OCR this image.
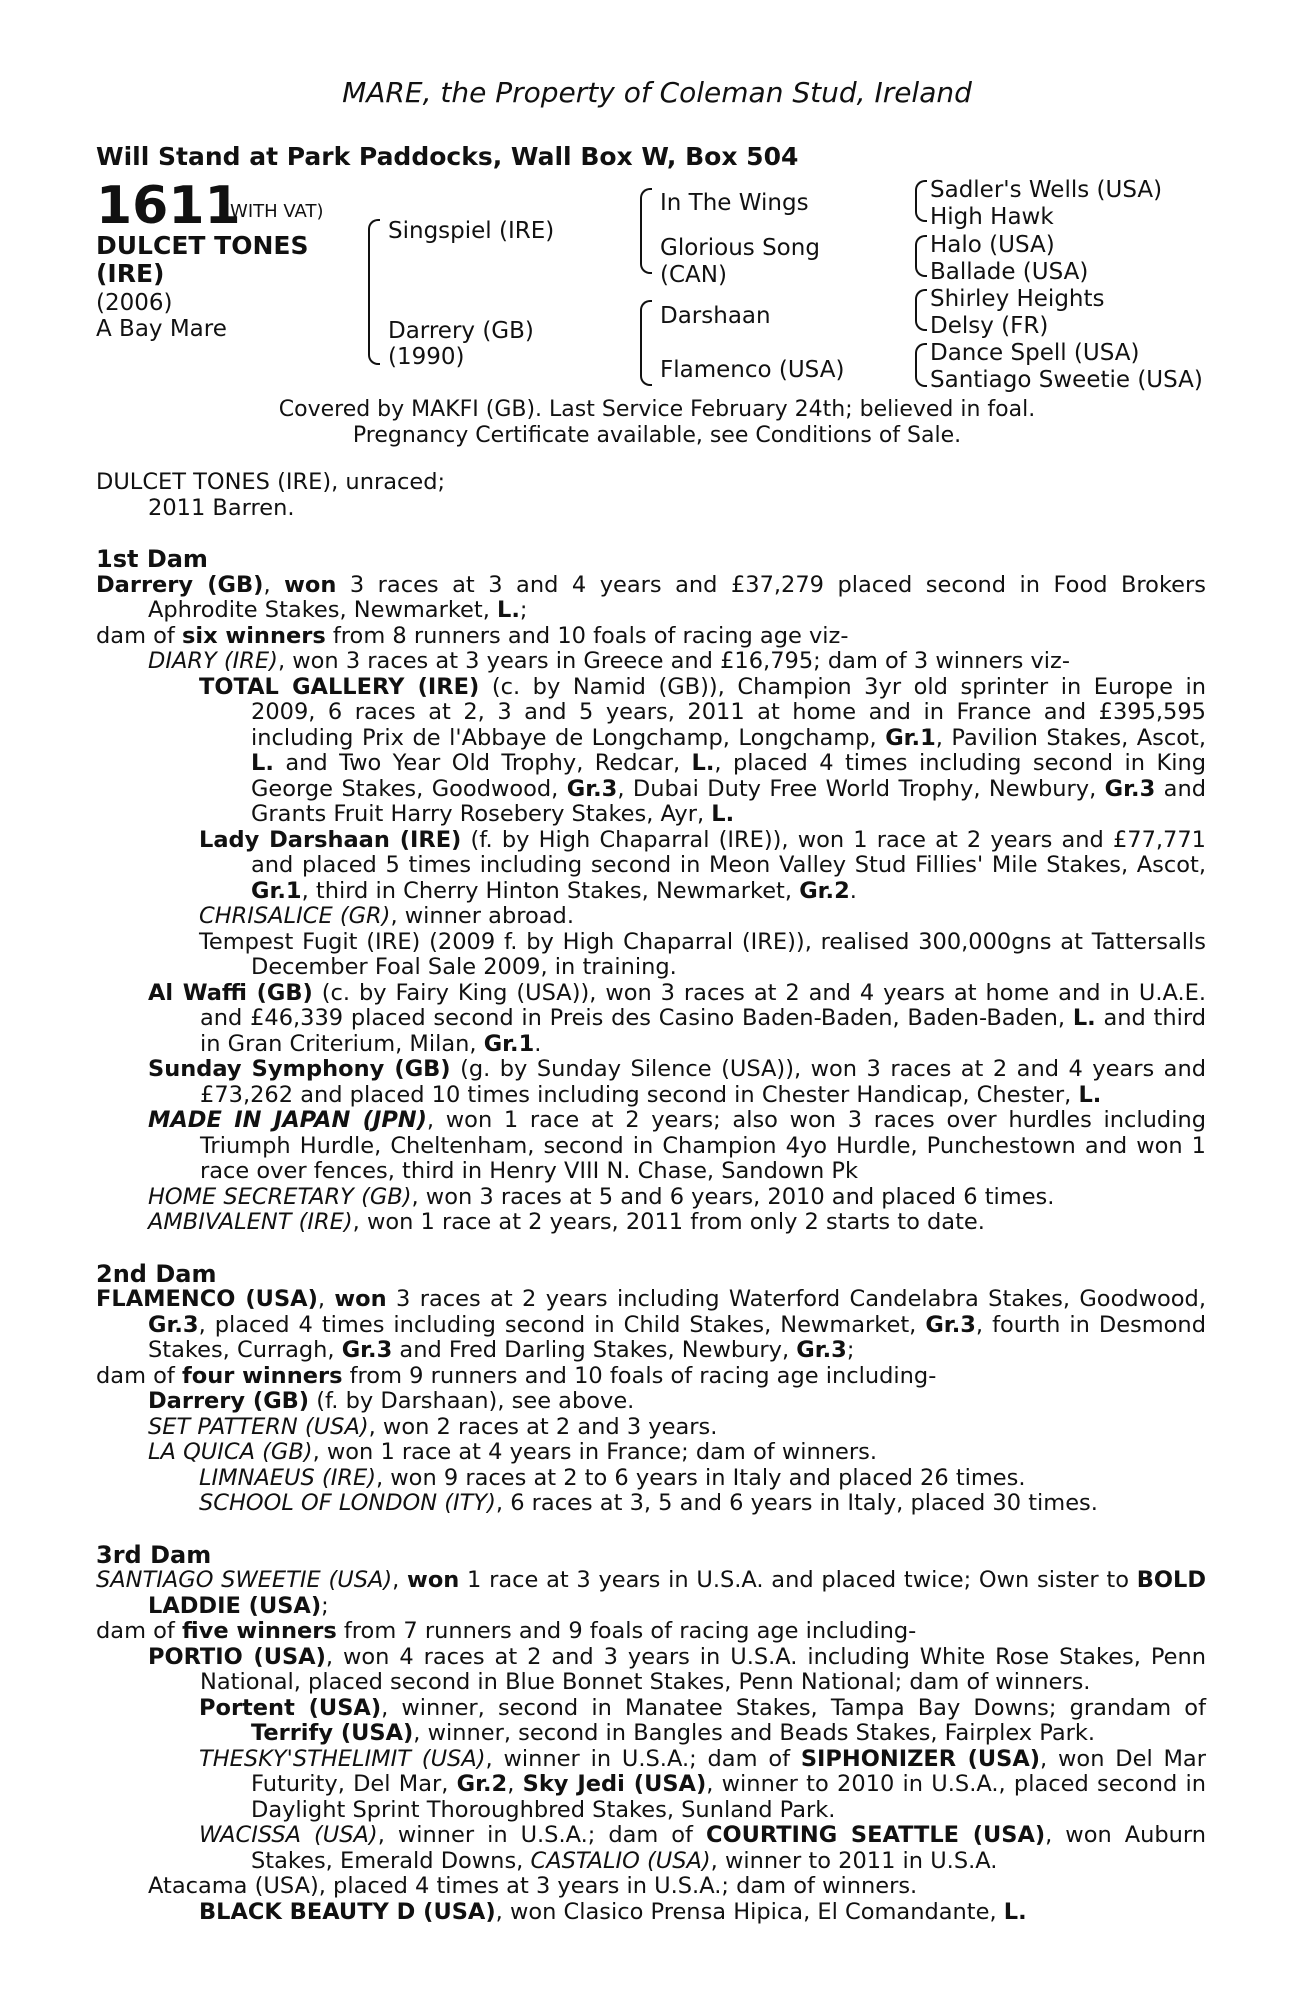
MARE, the Property of Coleman Stud, Ireland
Will Stand at Park Paddocks, Wall Box W, Box 504
1611
(WITH VAT)
DULCET TONES
(IRE)
(2006)
A Bay Mare
Singspiel (IRE)
Darrery (GB)
(1990)
In The Wings
Glorious Song
(CAN)
Darshaan
Flamenco (USA)
Sadler's Wells (USA)
High Hawk
Halo (USA)
Ballade (USA)
Shirley Heights
Delsy (FR)
Dance Spell (USA)
Santiago Sweetie (USA)
Covered by MAKFI (GB). Last Service February 24th; believed in foal.
Pregnancy Certificate available, see Conditions of Sale.

DULCET TONES (IRE), unraced;

2011 Barren.

1st Dam

Darrery (GB), won 3 races at 3 and 4 years and £37,279 placed second in Food Brokers Aphrodite Stakes, Newmarket, L.;

dam of six winners from 8 runners and 10 foals of racing age viz-

DIARY (IRE), won 3 races at 3 years in Greece and £16,795; dam of 3 winners viz-
TOTAL GALLERY (IRE) (c. by Namid (GB)), Champion 3yr old sprinter in Europe in 2009, 6 races at 2, 3 and 5 years, 2011 at home and in France and £395,595 including Prix de l'Abbaye de Longchamp, Longchamp, Gr.1, Pavilion Stakes, Ascot, L. and Two Year Old Trophy, Redcar, L., placed 4 times including second in King George Stakes, Goodwood, Gr.3, Dubai Duty Free World Trophy, Newbury, Gr.3 and Grants Fruit Harry Rosebery Stakes, Ayr, L.
Lady Darshaan (IRE) (f. by High Chaparral (IRE)), won 1 race at 2 years and £77,771 and placed 5 times including second in Meon Valley Stud Fillies' Mile Stakes, Ascot, Gr.1, third in Cherry Hinton Stakes, Newmarket, Gr.2.
CHRISALICE (GR), winner abroad.
Tempest Fugit (IRE) (2009 f. by High Chaparral (IRE)), realised 300,000gns at Tattersalls December Foal Sale 2009, in training.
Al Waffi (GB) (c. by Fairy King (USA)), won 3 races at 2 and 4 years at home and in U.A.E. and £46,339 placed second in Preis des Casino Baden-Baden, Baden-Baden, L. and third in Gran Criterium, Milan, Gr.1.
Sunday Symphony (GB) (g. by Sunday Silence (USA)), won 3 races at 2 and 4 years and £73,262 and placed 10 times including second in Chester Handicap, Chester, L.
MADE IN JAPAN (JPN), won 1 race at 2 years; also won 3 races over hurdles including Triumph Hurdle, Cheltenham, second in Champion 4yo Hurdle, Punchestown and won 1 race over fences, third in Henry VIII N. Chase, Sandown Pk
HOME SECRETARY (GB), won 3 races at 5 and 6 years, 2010 and placed 6 times.
AMBIVALENT (IRE), won 1 race at 2 years, 2011 from only 2 starts to date.

2nd Dam

FLAMENCO (USA), won 3 races at 2 years including Waterford Candelabra Stakes, Goodwood, Gr.3, placed 4 times including second in Child Stakes, Newmarket, Gr.3, fourth in Desmond Stakes, Curragh, Gr.3 and Fred Darling Stakes, Newbury, Gr.3;

dam of four winners from 9 runners and 10 foals of racing age including-

Darrery (GB) (f. by Darshaan), see above.
SET PATTERN (USA), won 2 races at 2 and 3 years.
LA QUICA (GB), won 1 race at 4 years in France; dam of winners.
LIMNAEUS (IRE), won 9 races at 2 to 6 years in Italy and placed 26 times.
SCHOOL OF LONDON (ITY), 6 races at 3, 5 and 6 years in Italy, placed 30 times.

3rd Dam

SANTIAGO SWEETIE (USA), won 1 race at 3 years in U.S.A. and placed twice; Own sister to BOLD LADDIE (USA);

dam of five winners from 7 runners and 9 foals of racing age including-

PORTIO (USA), won 4 races at 2 and 3 years in U.S.A. including White Rose Stakes, Penn National, placed second in Blue Bonnet Stakes, Penn National; dam of winners.
Portent (USA), winner, second in Manatee Stakes, Tampa Bay Downs; grandam of Terrify (USA), winner, second in Bangles and Beads Stakes, Fairplex Park.
THESKY'STHELIMIT (USA), winner in U.S.A.; dam of SIPHONIZER (USA), won Del Mar Futurity, Del Mar, Gr.2, Sky Jedi (USA), winner to 2010 in U.S.A., placed second in Daylight Sprint Thoroughbred Stakes, Sunland Park.
WACISSA (USA), winner in U.S.A.; dam of COURTING SEATTLE (USA), won Auburn Stakes, Emerald Downs, CASTALIO (USA), winner to 2011 in U.S.A.
Atacama (USA), placed 4 times at 3 years in U.S.A.; dam of winners.
BLACK BEAUTY D (USA), won Clasico Prensa Hipica, El Comandante, L.
